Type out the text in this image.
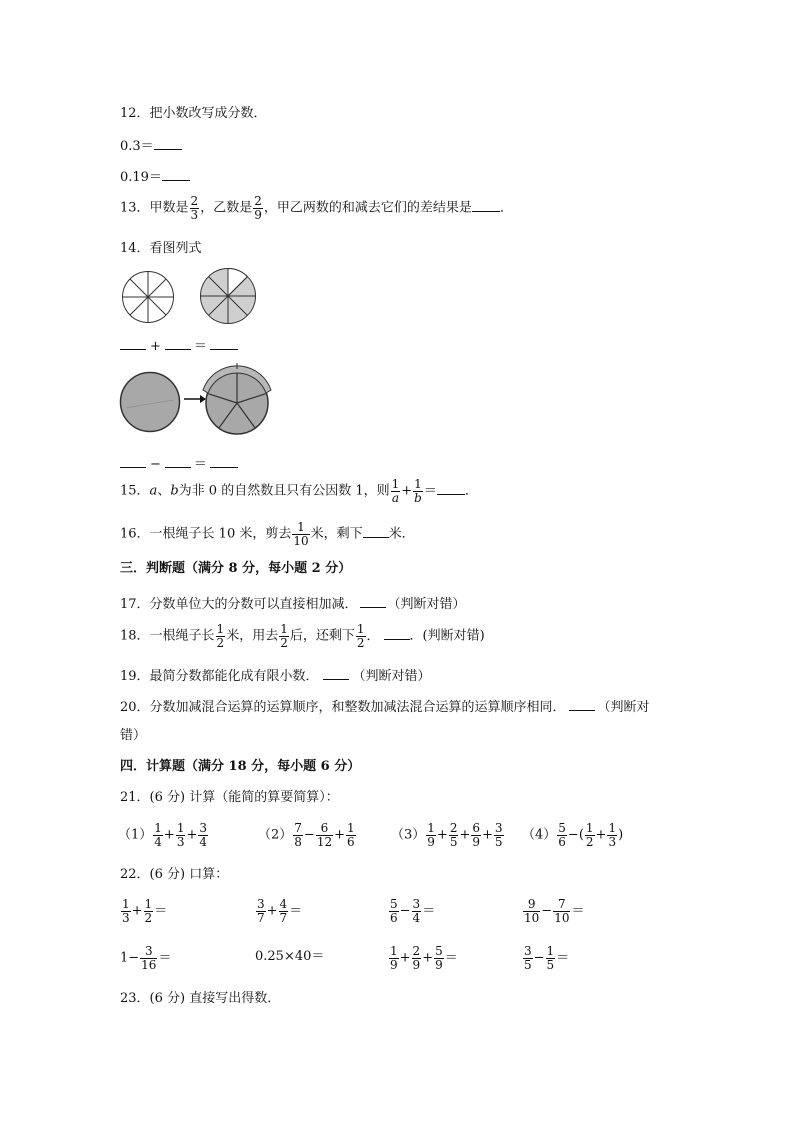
12．把小数改写成分数．
0.3＝
0.19＝
13．甲数是 $\frac{2}{3}$ ，乙数是 $\frac{2}{9}$ ，甲乙两数的和减去它们的差结果是 ．
14．看图列式
+	＝
−	＝
15．a、b为非 0 的自然数且只有公因数 1，则 $\frac{1}{a} + \frac{1}{b}$ ＝ ．
16．一根绳子长 10 米，剪去 $\frac{1}{10}$ 米，剩下 米．
三．判断题（满分 8 分，每小题 2 分）
17．分数单位大的分数可以直接相加减． （判断对错）
18．一根绳子长 $\frac{1}{2}$ 米，用去 $\frac{1}{2}$ 后，还剩下 $\frac{1}{2}$ ． ．(判断对错)
19．最简分数都能化成有限小数．	（判断对错）
20．分数加减混合运算的运算顺序，和整数加减法混合运算的运算顺序相同． （判断对
错）
四．计算题（满分 18 分，每小题 6 分）
21．(6 分) 计算（能简的算要简算）：
22．(6 分) 口算：
23．(6 分) 直接写出得数．
$(1) \frac{1}{4} + \frac{1}{3} + \frac{3}{4}$	$(2) \frac{7}{8} - \frac{6}{12} + \frac{1}{6}$	$(3) \frac{1}{9} + \frac{2}{5} + \frac{6}{9} + \frac{3}{5} (4) \frac{5}{6}$ −( $\frac{1}{2} + \frac{1}{3}$ )
$\frac{1}{3} + \frac{1}{2}$ ＝	$\frac{3}{7} + \frac{4}{7}$ ＝	$\frac{5}{6} - \frac{3}{4}$ ＝	$\frac{9}{10} - \frac{7}{10}$ ＝
$1- \frac{3}{16}$ ＝	0.25×40＝	$\frac{1}{9} + \frac{2}{9} + \frac{5}{9}$ ＝	$\frac{3}{5} - \frac{1}{5}$ ＝
